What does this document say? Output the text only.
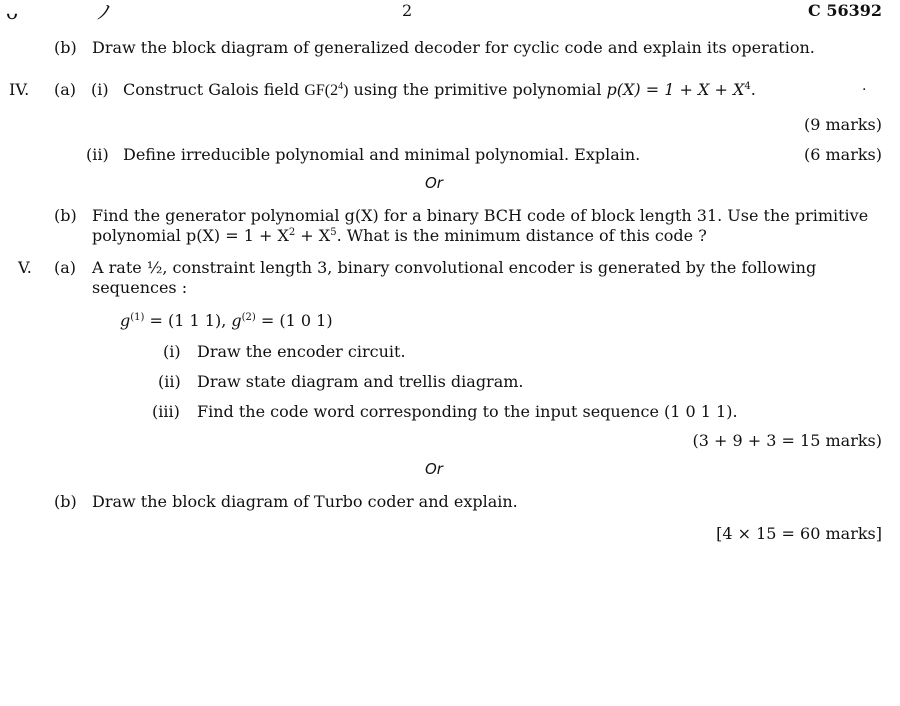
ᴗ            ノ	2	C 56392
(b) Draw the block diagram of generalized decoder for cyclic code and explain its operation.
IV. (a) (i) Construct Galois field $GF(2^4)$ using the primitive polynomial $p(X) = 1 + X + X^4$.	.
(9 marks)
(ii) Define irreducible polynomial and minimal polynomial. Explain.	(6 marks)
Or
(b) Find the generator polynomial g(X) for a binary BCH code of block length 31. Use the primitive
polynomial $p(X) = 1 + X^2 + X^5$. What is the minimum distance of this code ?
V. (a) A rate ½, constraint length 3, binary convolutional encoder is generated by the following
sequences :
$g^{(1)} = (1$ 1 1), $g^{(2)} = (1$ 0 1)
(i) Draw the encoder circuit.
(ii) Draw state diagram and trellis diagram.
(iii) Find the code word corresponding to the input sequence (1 0 1 1).
(3 + 9 + 3 = 15 marks)
Or
(b) Draw the block diagram of Turbo coder and explain.
[4 × 15 = 60 marks]
